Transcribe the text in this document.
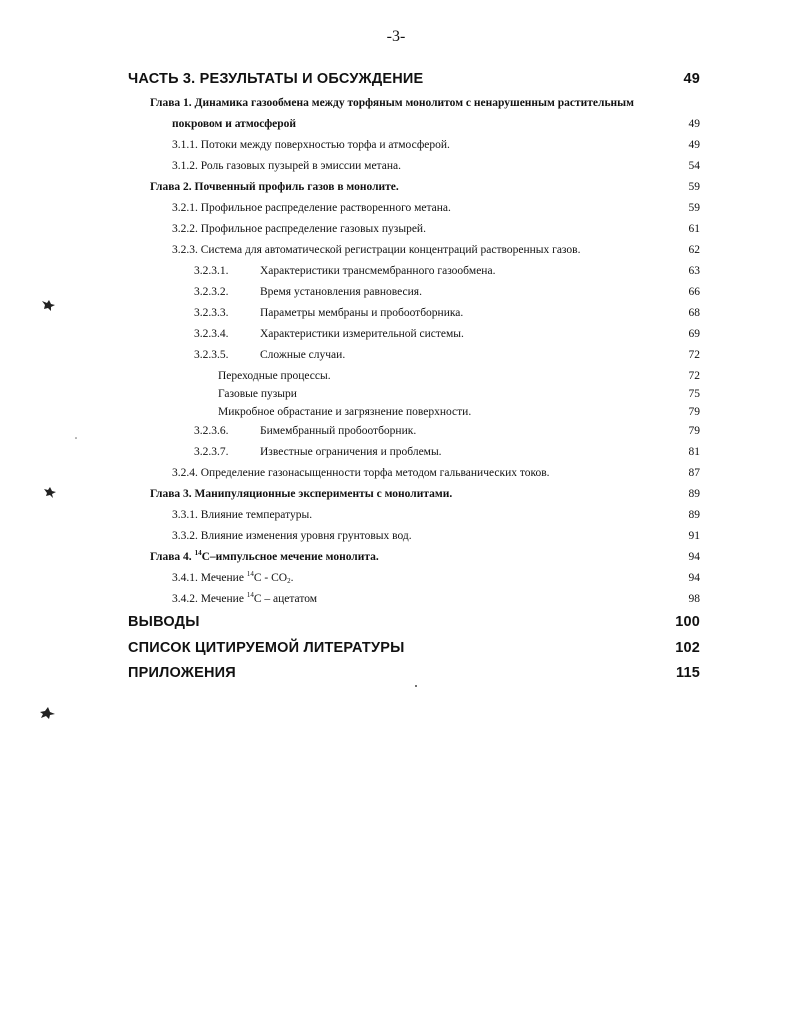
-3-
ЧАСТЬ 3. РЕЗУЛЬТАТЫ И ОБСУЖДЕНИЕ	49
Глава 1. Динамика газообмена между торфяным монолитом с ненарушенным растительным
покровом и атмосферой	49
3.1.1. Потоки между поверхностью торфа и атмосферой.	49
3.1.2. Роль газовых пузырей в эмиссии метана.	54
Глава 2. Почвенный профиль газов в монолите.	59
3.2.1. Профильное распределение растворенного метана.	59
3.2.2. Профильное распределение газовых пузырей.	61
3.2.3. Система для автоматической регистрации концентраций растворенных газов.	62
3.2.3.1.	Характеристики трансмембранного газообмена.	63
3.2.3.2.	Время установления равновесия.	66
3.2.3.3.	Параметры мембраны и пробоотборника.	68
3.2.3.4.	Характеристики измерительной системы.	69
3.2.3.5.	Сложные случаи.	72
Переходные процессы.	72
Газовые пузыри	75
Микробное обрастание и загрязнение поверхности.	79
3.2.3.6.	Бимембранный пробоотборник.	79
3.2.3.7.	Известные ограничения и проблемы.	81
3.2.4. Определение газонасыщенности торфа методом гальванических токов.	87
Глава 3. Манипуляционные эксперименты с монолитами.	89
3.3.1. Влияние температуры.	89
3.3.2. Влияние изменения уровня грунтовых вод.	91
Глава 4. $^{14}$C–импульсное мечение монолита.	94
3.4.1. Мечение $^{14}C - CO_2$.	94
3.4.2. Мечение $^{14}$C – ацетатом	98
ВЫВОДЫ	100
СПИСОК ЦИТИРУЕМОЙ ЛИТЕРАТУРЫ	102
ПРИЛОЖЕНИЯ	115
